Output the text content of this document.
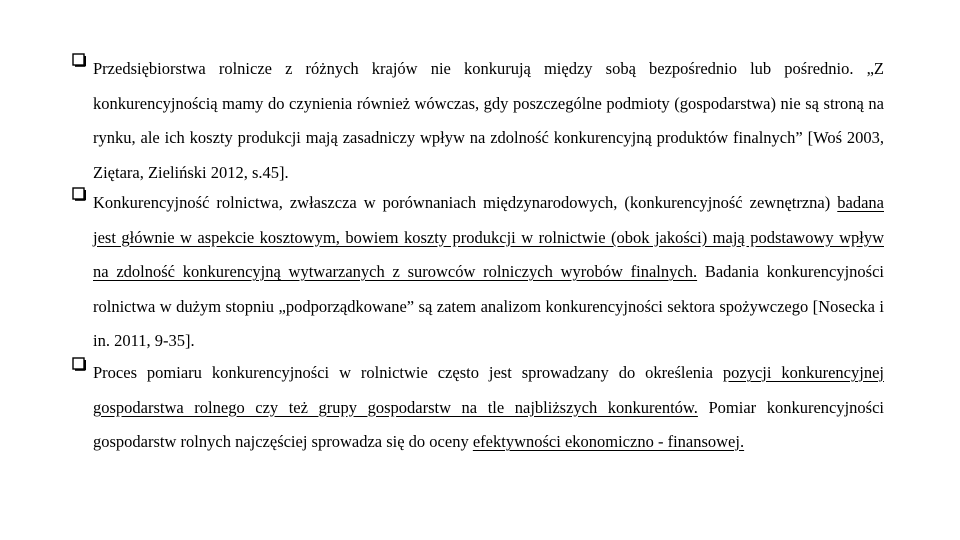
Przedsiębiorstwa rolnicze z różnych krajów nie konkurują między sobą bezpośrednio lub pośrednio. „Z konkurencyjnością mamy do czynienia również wówczas, gdy poszczególne podmioty (gospodarstwa) nie są stroną na rynku, ale ich koszty produkcji mają zasadniczy wpływ na zdolność konkurencyjną produktów finalnych” [Woś 2003, Ziętara, Zieliński 2012, s.45].

Konkurencyjność rolnictwa, zwłaszcza w porównaniach międzynarodowych, (konkurencyjność zewnętrzna) badana jest głównie w aspekcie kosztowym, bowiem koszty produkcji w rolnictwie (obok jakości) mają podstawowy wpływ na zdolność konkurencyjną wytwarzanych z surowców rolniczych wyrobów finalnych. Badania konkurencyjności rolnictwa w dużym stopniu „podporządkowane” są zatem analizom konkurencyjności sektora spożywczego [Nosecka i in. 2011, 9-35].

Proces pomiaru konkurencyjności w rolnictwie często jest sprowadzany do określenia pozycji konkurencyjnej gospodarstwa rolnego czy też grupy gospodarstw na tle najbliższych konkurentów. Pomiar konkurencyjności gospodarstw rolnych najczęściej sprowadza się do oceny efektywności ekonomiczno - finansowej.
